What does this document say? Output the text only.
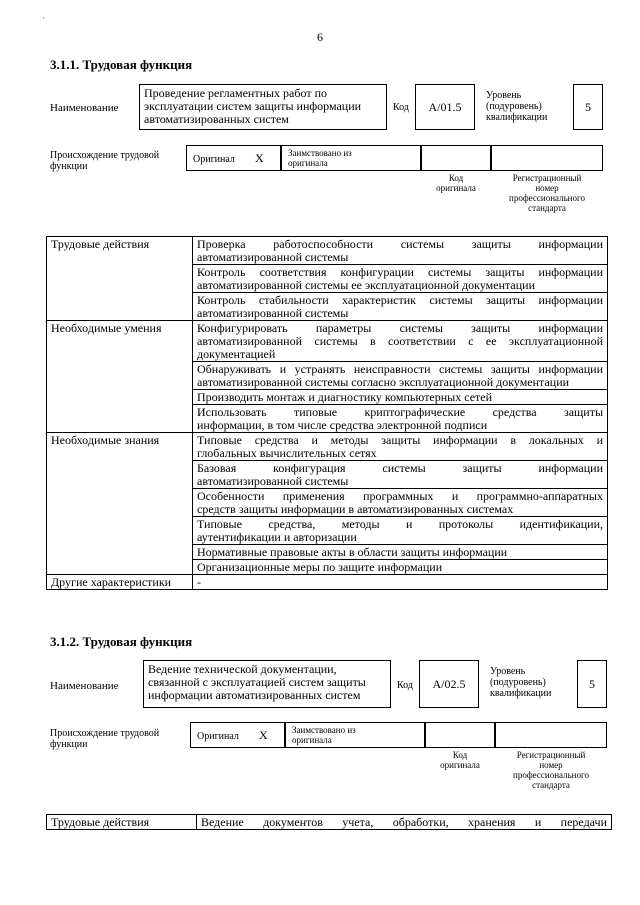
`
6
3.1.1. Трудовая функция
Наименование
Проведение регламентных работ по
эксплуатации систем защиты информации
автоматизированных систем
Код	А/01.5
Уровень
(подуровень)
квалификации
5
Происхождение трудовой
функции
Оригинал X	Заимствовано из
оригинала
Код
оригинала
Регистрационный
номер
профессионального
стандарта
Трудовые действия	Проверка работоспособности системы защиты информации
автоматизированной системы

	Контроль соответствия конфигурации системы защиты информации
автоматизированной системы ее эксплуатационной документации

	Контроль стабильности характеристик системы защиты информации
автоматизированной системы

Необходимые умения	Конфигурировать параметры системы защиты информации
автоматизированной системы в соответствии с ее эксплуатационной
документацией

	Обнаруживать и устранять неисправности системы защиты информации
автоматизированной системы согласно эксплуатационной документации

	Производить монтаж и диагностику компьютерных сетей

	Использовать типовые криптографические средства защиты
информации, в том числе средства электронной подписи

Необходимые знания	Типовые средства и методы защиты информации в локальных и
глобальных вычислительных сетях

	Базовая конфигурация системы защиты информации
автоматизированной системы

	Особенности применения программных и программно-аппаратных
средств защиты информации в автоматизированных системах

	Типовые средства, методы и протоколы идентификации,
аутентификации и авторизации

	Нормативные правовые акты в области защиты информации

	Организационные меры по защите информации

Другие характеристики	-
3.1.2. Трудовая функция
Наименование
Ведение технической документации,
связанной с эксплуатацией систем защиты
информации автоматизированных систем
Код	А/02.5
Уровень
(подуровень)
квалификации
5
Происхождение трудовой
функции
Оригинал X	Заимствовано из
оригинала
Код
оригинала
Регистрационный
номер
профессионального
стандарта
Трудовые действия	Ведение документов учета, обработки, хранения и передачи
